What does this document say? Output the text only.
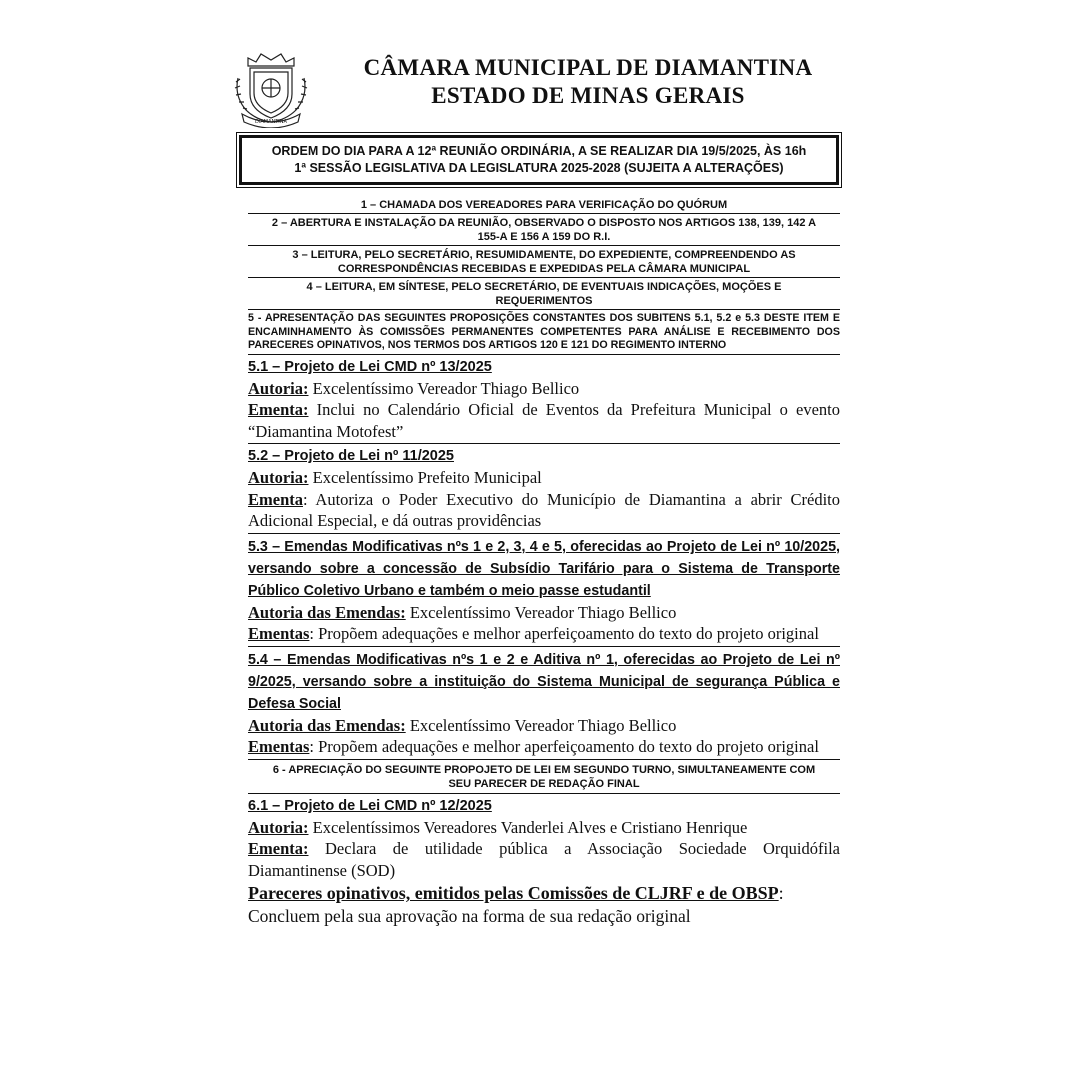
DIAMANTINA
CÂMARA MUNICIPAL DE DIAMANTINA
ESTADO DE MINAS GERAIS
ORDEM DO DIA PARA A 12ª REUNIÃO ORDINÁRIA, A SE REALIZAR DIA 19/5/2025, ÀS 16h
1ª SESSÃO LEGISLATIVA DA LEGISLATURA 2025-2028 (SUJEITA A ALTERAÇÕES)
1 – CHAMADA DOS VEREADORES PARA VERIFICAÇÃO DO QUÓRUM
2 – ABERTURA E INSTALAÇÃO DA REUNIÃO, OBSERVADO O DISPOSTO NOS ARTIGOS 138, 139, 142 A
155-A E 156 A 159 DO R.I.
3 – LEITURA, PELO SECRETÁRIO, RESUMIDAMENTE, DO EXPEDIENTE, COMPREENDENDO AS
CORRESPONDÊNCIAS RECEBIDAS E EXPEDIDAS PELA CÂMARA MUNICIPAL
4 – LEITURA, EM SÍNTESE, PELO SECRETÁRIO, DE EVENTUAIS INDICAÇÕES, MOÇÕES E
REQUERIMENTOS
5 - APRESENTAÇÃO DAS SEGUINTES PROPOSIÇÕES CONSTANTES DOS SUBITENS 5.1, 5.2 e 5.3 DESTE ITEM E ENCAMINHAMENTO ÀS COMISSÕES PERMANENTES COMPETENTES PARA ANÁLISE E RECEBIMENTO DOS PARECERES OPINATIVOS, NOS TERMOS DOS ARTIGOS 120 E 121 DO REGIMENTO INTERNO
5.1 – Projeto de Lei CMD nº 13/2025
Autoria: Excelentíssimo Vereador Thiago Bellico
Ementa: Inclui no Calendário Oficial de Eventos da Prefeitura Municipal o evento “Diamantina Motofest”
5.2 – Projeto de Lei nº 11/2025
Autoria: Excelentíssimo Prefeito Municipal
Ementa: Autoriza o Poder Executivo do Município de Diamantina a abrir Crédito Adicional Especial, e dá outras providências
5.3 – Emendas Modificativas nºs 1 e 2, 3, 4 e 5, oferecidas ao Projeto de Lei nº 10/2025, versando sobre a concessão de Subsídio Tarifário para o Sistema de Transporte Público Coletivo Urbano e também o meio passe estudantil
Autoria das Emendas: Excelentíssimo Vereador Thiago Bellico
Ementas: Propõem adequações e melhor aperfeiçoamento do texto do projeto original
5.4 – Emendas Modificativas nºs 1 e 2 e Aditiva nº 1, oferecidas ao Projeto de Lei nº 9/2025, versando sobre a instituição do Sistema Municipal de segurança Pública e Defesa Social
Autoria das Emendas: Excelentíssimo Vereador Thiago Bellico
Ementas: Propõem adequações e melhor aperfeiçoamento do texto do projeto original
6 - APRECIAÇÃO DO SEGUINTE PROPOJETO DE LEI EM SEGUNDO TURNO, SIMULTANEAMENTE COM
SEU PARECER DE REDAÇÃO FINAL
6.1 – Projeto de Lei CMD nº 12/2025
Autoria: Excelentíssimos Vereadores Vanderlei Alves e Cristiano Henrique
Ementa: Declara de utilidade pública a Associação Sociedade Orquidófila Diamantinense (SOD)
Pareceres opinativos, emitidos pelas Comissões de CLJRF e de OBSP:
Concluem pela sua aprovação na forma de sua redação original
